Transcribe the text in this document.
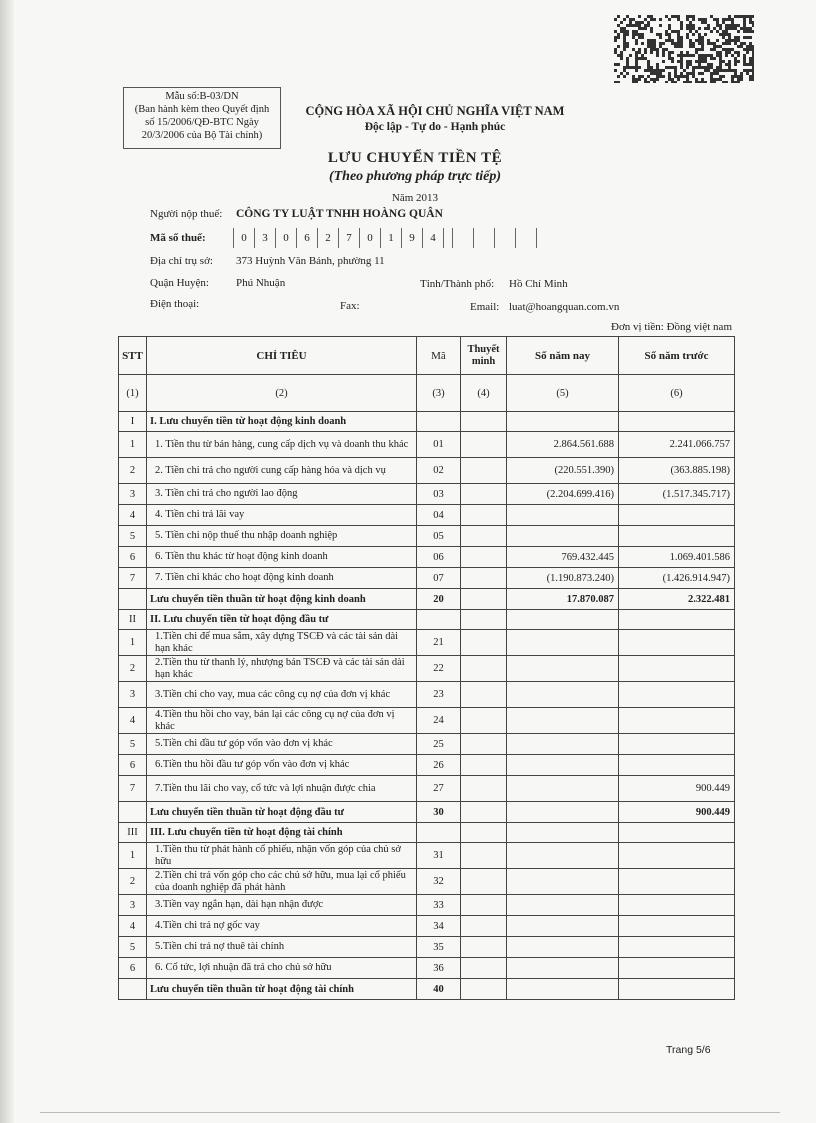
Mẫu số:B-03/DN
(Ban hành kèm theo Quyết định
số 15/2006/QĐ-BTC Ngày
20/3/2006 của Bộ Tài chính)
CỘNG HÒA XÃ HỘI CHỦ NGHĨA VIỆT NAM
Độc lập - Tự do - Hạnh phúc
LƯU CHUYỂN TIỀN TỆ
(Theo phương pháp trực tiếp)
Năm 2013
Người nộp thuế: CÔNG TY LUẬT TNHH HOÀNG QUÂN
Mã số thuế:	0	3	0	6	2	7	0	1	9	4
Địa chỉ trụ sở: 373 Huỳnh Văn Bánh, phường 11
Quận Huyện: Phú Nhuận	Tỉnh/Thành phố: Hồ Chí Minh
Điện thoại:	Fax:	Email: luat@hoangquan.com.vn
Đơn vị tiền: Đồng việt nam
STT	CHỈ TIÊU	Mã	Thuyết minh	Số năm nay	Số năm trước
(1)	(2)	(3)	(4)	(5)	(6)
I	I. Lưu chuyển tiền từ hoạt động kinh doanh				
1	1. Tiền thu từ bán hàng, cung cấp dịch vụ và doanh thu khác	01		2.864.561.688	2.241.066.757
2	2. Tiền chi trả cho người cung cấp hàng hóa và dịch vụ	02		(220.551.390)	(363.885.198)
3	3. Tiền chi trả cho người lao động	03		(2.204.699.416)	(1.517.345.717)
4	4. Tiền chi trả lãi vay	04			
5	5. Tiền chi nộp thuế thu nhập doanh nghiệp	05			
6	6. Tiền thu khác từ hoạt động kinh doanh	06		769.432.445	1.069.401.586
7	7. Tiền chi khác cho hoạt động kinh doanh	07		(1.190.873.240)	(1.426.914.947)
	Lưu chuyển tiền thuần từ hoạt động kinh doanh	20		17.870.087	2.322.481
II	II. Lưu chuyển tiền từ hoạt động đầu tư				
1	1.Tiền chi để mua sắm, xây dựng TSCĐ và các tài sản dài hạn khác	21			
2	2.Tiền thu từ thanh lý, nhượng bán TSCĐ và các tài sản dài hạn khác	22			
3	3.Tiền chi cho vay, mua các công cụ nợ của đơn vị khác	23			
4	4.Tiền thu hồi cho vay, bán lại các công cụ nợ của đơn vị khác	24			
5	5.Tiền chi đầu tư góp vốn vào đơn vị khác	25			
6	6.Tiền thu hồi đầu tư góp vốn vào đơn vị khác	26			
7	7.Tiền thu lãi cho vay, cổ tức và lợi nhuận được chia	27			900.449
	Lưu chuyển tiền thuần từ hoạt động đầu tư	30			900.449
III	III. Lưu chuyển tiền từ hoạt động tài chính				
1	1.Tiền thu từ phát hành cổ phiếu, nhận vốn góp của chủ sở hữu	31			
2	2.Tiền chi trả vốn góp cho các chủ sở hữu, mua lại cổ phiếu của doanh nghiệp đã phát hành	32			
3	3.Tiền vay ngắn hạn, dài hạn nhận được	33			
4	4.Tiền chi trả nợ gốc vay	34			
5	5.Tiền chi trả nợ thuê tài chính	35			
6	6. Cổ tức, lợi nhuận đã trả cho chủ sở hữu	36			
	Lưu chuyển tiền thuần từ hoạt động tài chính	40			
Trang 5/6
